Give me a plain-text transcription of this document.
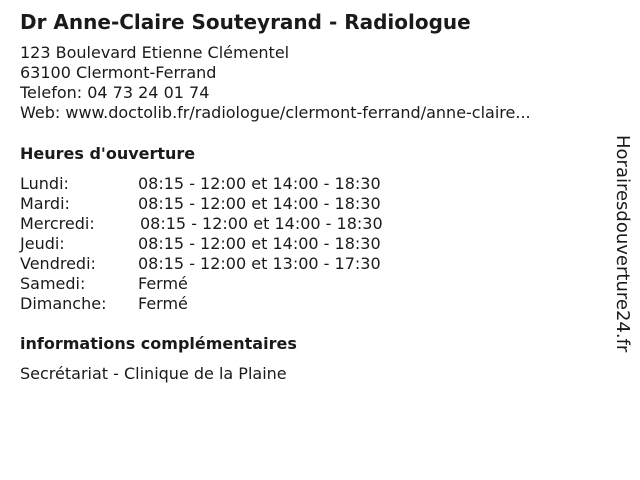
Dr Anne-Claire Souteyrand - Radiologue
123 Boulevard Etienne Clémentel
63100 Clermont-Ferrand
Telefon: 04 73 24 01 74
Web: www.doctolib.fr/radiologue/clermont-ferrand/anne-claire...
Heures d'ouverture
Lundi:	08:15 - 12:00 et 14:00 - 18:30
Mardi:	08:15 - 12:00 et 14:00 - 18:30
Mercredi:	08:15 - 12:00 et 14:00 - 18:30
Jeudi:	08:15 - 12:00 et 14:00 - 18:30
Vendredi:	08:15 - 12:00 et 13:00 - 17:30
Samedi:	Fermé
Dimanche: Fermé
informations complémentaires
Secrétariat - Clinique de la Plaine
Horairesdouverture24.fr
